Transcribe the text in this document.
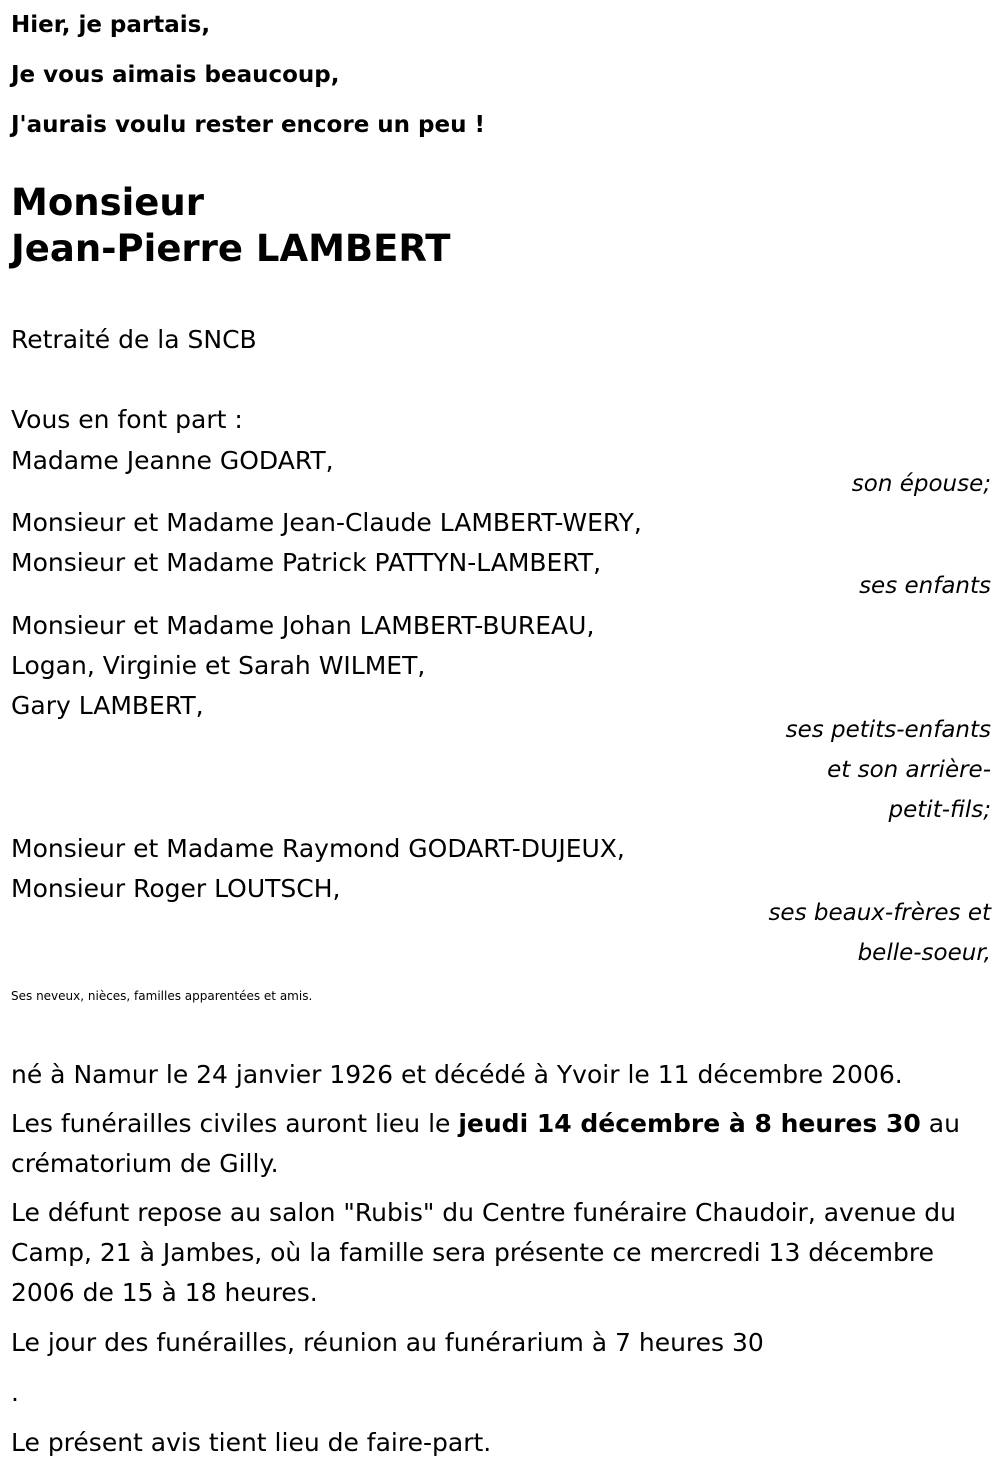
Hier, je partais,
Je vous aimais beaucoup,
J'aurais voulu rester encore un peu !
Monsieur
Jean-Pierre LAMBERT
Retraité de la SNCB
Vous en font part :
Madame Jeanne GODART,
son épouse;
Monsieur et Madame Jean-Claude LAMBERT-WERY,
Monsieur et Madame Patrick PATTYN-LAMBERT,
ses enfants
Monsieur et Madame Johan LAMBERT-BUREAU,
Logan, Virginie et Sarah WILMET,
Gary LAMBERT,
ses petits-enfants
et son arrière-
petit-fils;
Monsieur et Madame Raymond GODART-DUJEUX,
Monsieur Roger LOUTSCH,
ses beaux-frères et
belle-soeur,
Ses neveux, nièces, familles apparentées et amis.
né à Namur le 24 janvier 1926 et décédé à Yvoir le 11 décembre 2006.
Les funérailles civiles auront lieu le jeudi 14 décembre à 8 heures 30 au crématorium de Gilly.
Le défunt repose au salon "Rubis" du Centre funéraire Chaudoir, avenue du Camp, 21 à Jambes, où la famille sera présente ce mercredi 13 décembre 2006 de 15 à 18 heures.
Le jour des funérailles, réunion au funérarium à 7 heures 30
.
Le présent avis tient lieu de faire-part.
